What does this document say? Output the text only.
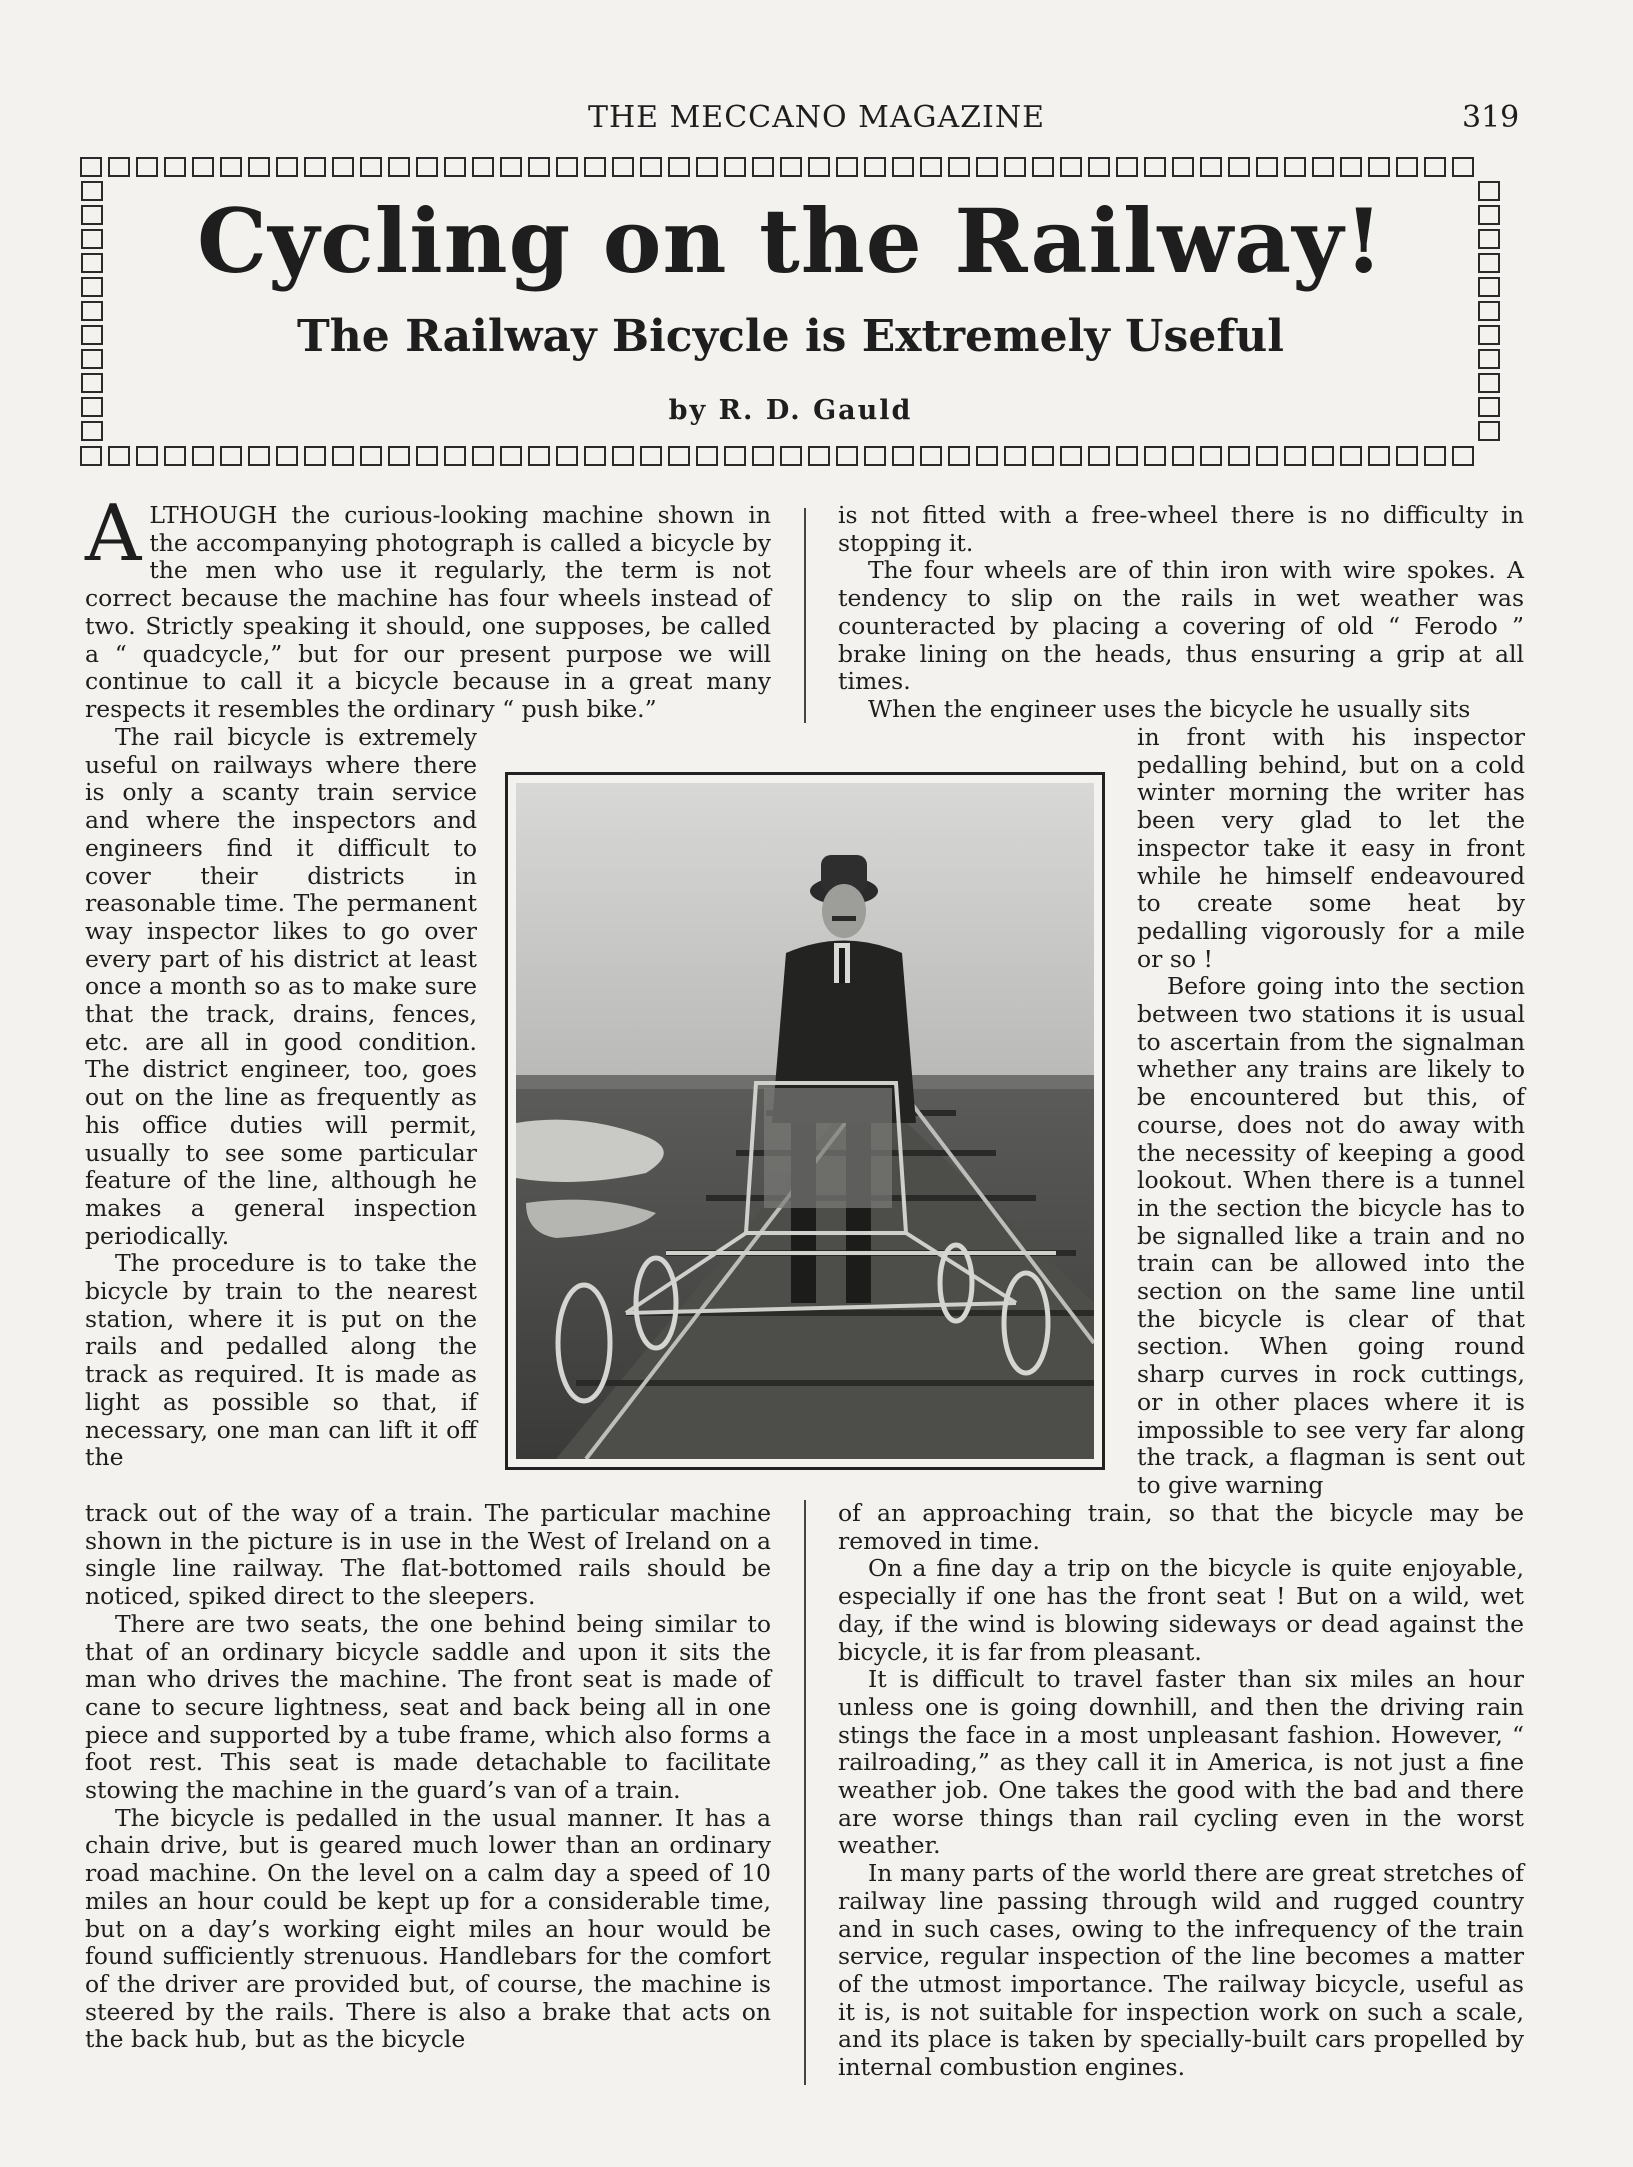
THE MECCANO MAGAZINE	319
Cycling on the Railway!
The Railway Bicycle is Extremely Useful
by R. D. Gauld

ALTHOUGH the curious-looking machine shown in the accompanying photograph is called a bicycle by the men who use it regularly, the term is not correct because the machine has four wheels instead of two. Strictly speaking it should, one supposes, be called a “ quadcycle,” but for our present purpose we will continue to call it a bicycle because in a great many respects it resembles the ordinary “ push bike.”

The rail bicycle is extremely useful on railways where there is only a scanty train service and where the inspectors and engineers find it difficult to cover their districts in reasonable time. The permanent way inspector likes to go over every part of his district at least once a month so as to make sure that the track, drains, fences, etc. are all in good condition. The district engineer, too, goes out on the line as frequently as his office duties will permit, usually to see some particular feature of the line, although he makes a general inspection periodically.

The procedure is to take the bicycle by train to the nearest station, where it is put on the rails and pedalled along the track as required. It is made as light as possible so that, if necessary, one man can lift it off the

track out of the way of a train. The particular machine shown in the picture is in use in the West of Ireland on a single line railway. The flat-bottomed rails should be noticed, spiked direct to the sleepers.

There are two seats, the one behind being similar to that of an ordinary bicycle saddle and upon it sits the man who drives the machine. The front seat is made of cane to secure lightness, seat and back being all in one piece and supported by a tube frame, which also forms a foot rest. This seat is made detachable to facilitate stowing the machine in the guard’s van of a train.

The bicycle is pedalled in the usual manner. It has a chain drive, but is geared much lower than an ordinary road machine. On the level on a calm day a speed of 10 miles an hour could be kept up for a considerable time, but on a day’s working eight miles an hour would be found sufficiently strenuous. Handlebars for the comfort of the driver are provided but, of course, the machine is steered by the rails. There is also a brake that acts on the back hub, but as the bicycle

is not fitted with a free-wheel there is no difficulty in stopping it.

The four wheels are of thin iron with wire spokes. A tendency to slip on the rails in wet weather was counteracted by placing a covering of old “ Ferodo ” brake lining on the heads, thus ensuring a grip at all times.

When the engineer uses the bicycle he usually sits

in front with his inspector pedalling behind, but on a cold winter morning the writer has been very glad to let the inspector take it easy in front while he himself endeavoured to create some heat by pedalling vigorously for a mile or so !

Before going into the section between two stations it is usual to ascertain from the signalman whether any trains are likely to be encountered but this, of course, does not do away with the necessity of keeping a good lookout. When there is a tunnel in the section the bicycle has to be signalled like a train and no train can be allowed into the section on the same line until the bicycle is clear of that section. When going round sharp curves in rock cuttings, or in other places where it is impossible to see very far along the track, a flagman is sent out to give warning

of an approaching train, so that the bicycle may be removed in time.

On a fine day a trip on the bicycle is quite enjoyable, especially if one has the front seat ! But on a wild, wet day, if the wind is blowing sideways or dead against the bicycle, it is far from pleasant.

It is difficult to travel faster than six miles an hour unless one is going downhill, and then the driving rain stings the face in a most unpleasant fashion. However, “ railroading,” as they call it in America, is not just a fine weather job. One takes the good with the bad and there are worse things than rail cycling even in the worst weather.

In many parts of the world there are great stretches of railway line passing through wild and rugged country and in such cases, owing to the infrequency of the train service, regular inspection of the line becomes a matter of the utmost importance. The railway bicycle, useful as it is, is not suitable for inspection work on such a scale, and its place is taken by specially-built cars propelled by internal combustion engines.
